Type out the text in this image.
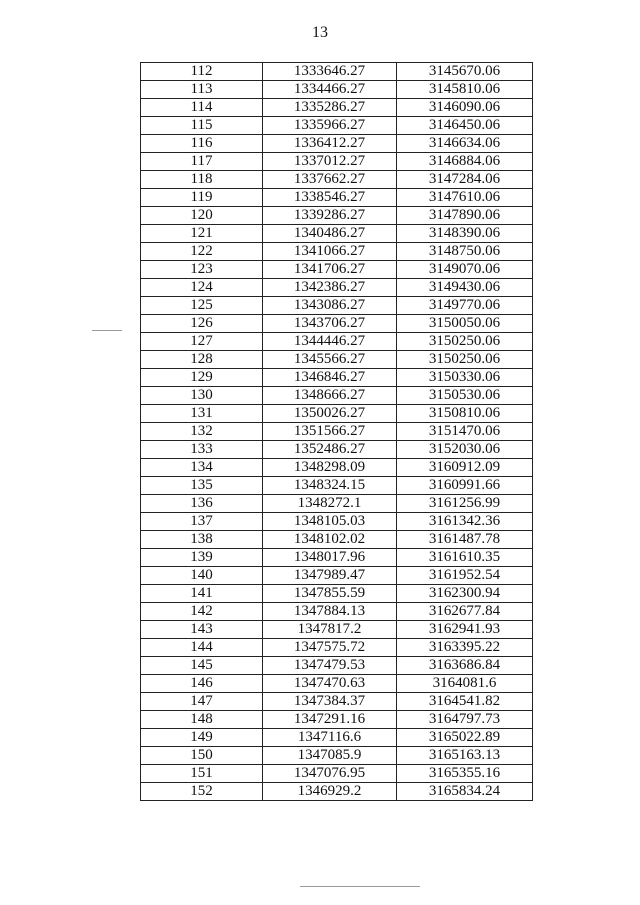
13
112	1333646.27	3145670.06
113	1334466.27	3145810.06
114	1335286.27	3146090.06
115	1335966.27	3146450.06
116	1336412.27	3146634.06
117	1337012.27	3146884.06
118	1337662.27	3147284.06
119	1338546.27	3147610.06
120	1339286.27	3147890.06
121	1340486.27	3148390.06
122	1341066.27	3148750.06
123	1341706.27	3149070.06
124	1342386.27	3149430.06
125	1343086.27	3149770.06
126	1343706.27	3150050.06
127	1344446.27	3150250.06
128	1345566.27	3150250.06
129	1346846.27	3150330.06
130	1348666.27	3150530.06
131	1350026.27	3150810.06
132	1351566.27	3151470.06
133	1352486.27	3152030.06
134	1348298.09	3160912.09
135	1348324.15	3160991.66
136	1348272.1	3161256.99
137	1348105.03	3161342.36
138	1348102.02	3161487.78
139	1348017.96	3161610.35
140	1347989.47	3161952.54
141	1347855.59	3162300.94
142	1347884.13	3162677.84
143	1347817.2	3162941.93
144	1347575.72	3163395.22
145	1347479.53	3163686.84
146	1347470.63	3164081.6
147	1347384.37	3164541.82
148	1347291.16	3164797.73
149	1347116.6	3165022.89
150	1347085.9	3165163.13
151	1347076.95	3165355.16
152	1346929.2	3165834.24
